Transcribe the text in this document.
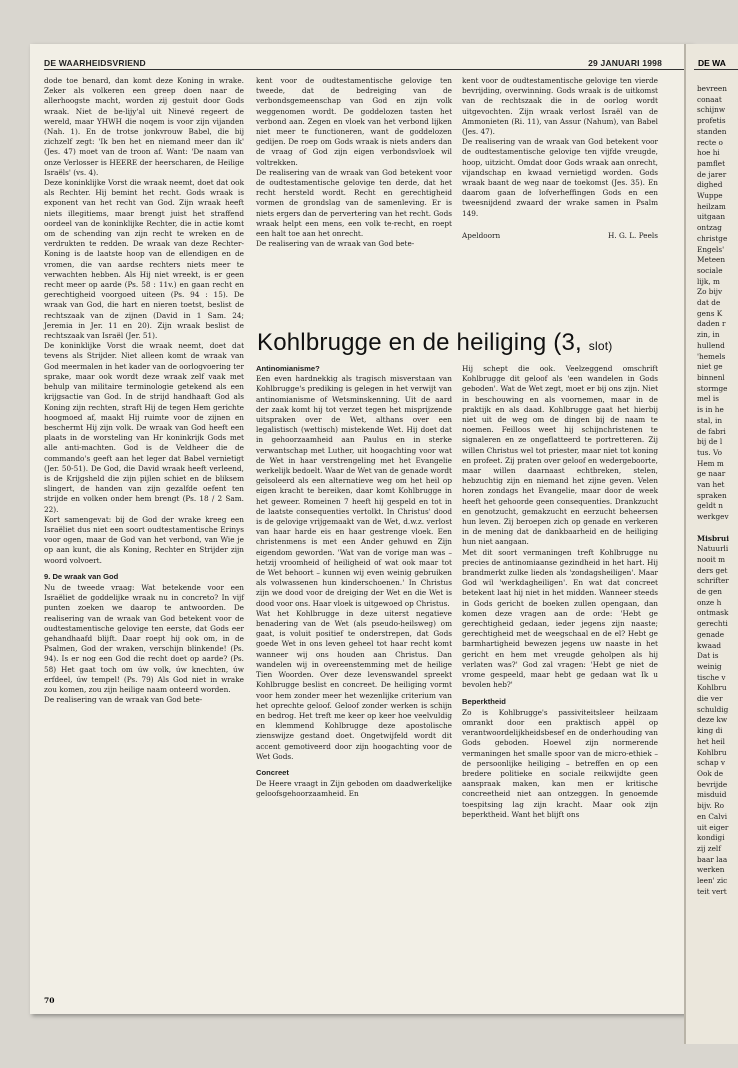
DE WAARHEIDSVRIEND	29 JANUARI 1998

dode toe benard, dan komt deze Koning in wrake. Zeker als volkeren een greep doen naar de allerhoogste macht, worden zij gestuit door Gods wraak. Niet de be-lijy'al uit Ninevé regeert de wereld, maar YHWH die noqem is voor zijn vijanden (Nah. 1). En de trotse jonkvrouw Babel, die bij zichzelf zegt: 'Ik ben het en niemand meer dan ik' (Jes. 47) moet van de troon af. Want: 'De naam van onze Verlosser is HEERE der heerscharen, de Heilige Israëls' (vs. 4).

Deze koninklijke Vorst die wraak neemt, doet dat ook als Rechter. Hij bemint het recht. Gods wraak is exponent van het recht van God. Zijn wraak heeft niets illegitiems, maar brengt juist het straffend oordeel van de koninklijke Rechter, die in actie komt om de schending van zijn recht te wreken en de verdrukten te redden. De wraak van deze Rechter-Koning is de laatste hoop van de ellendigen en de vromen, die van aardse rechters niets meer te verwachten hebben. Als Hij niet wreekt, is er geen recht meer op aarde (Ps. 58 : 11v.) en gaan recht en gerechtigheid voorgoed uiteen (Ps. 94 : 15). De wraak van God, die hart en nieren toetst, beslist de rechtszaak van de zijnen (David in 1 Sam. 24; Jeremia in Jer. 11 en 20). Zijn wraak beslist de rechtszaak van Israël (Jer. 51).

De koninklijke Vorst die wraak neemt, doet dat tevens als Strijder. Niet alleen komt de wraak van God meermalen in het kader van de oorlogvoering ter sprake, maar ook wordt deze wraak zelf vaak met behulp van militaire terminologie getekend als een krijgsactie van God. In de strijd handhaaft God als Koning zijn rechten, straft Hij de tegen Hem gerichte hoogmoed af, maakt Hij ruimte voor de zijnen en beschermt Hij zijn volk. De wraak van God heeft een plaats in de worsteling van Hr koninkrijk Gods met alle anti-machten. God is de Veldheer die de commando's geeft aan het leger dat Babel vernietigt (Jer. 50-51). De God, die David wraak heeft verleend, is de Krijgsheld die zijn pijlen schiet en de bliksem slingert, de handen van zijn gezalfde oefent ten strijde en volken onder hem brengt (Ps. 18 / 2 Sam. 22).

Kort samengevat: bij de God der wrake kreeg een Israëliet dus niet een soort oudtestamentische Erinys voor ogen, maar de God van het verbond, van Wie je op aan kunt, die als Koning, Rechter en Strijder zijn woord volvoert.

9. De wraak van God

Nu de tweede vraag: Wat betekende voor een Israëliet de goddelijke wraak nu in concreto? In vijf punten zoeken we daarop te antwoorden. De realisering van de wraak van God betekent voor de oudtestamentische gelovige ten eerste, dat Gods eer gehandhaafd blijft. Daar roept hij ook om, in de Psalmen, God der wraken, verschijn blinkende! (Ps. 94). Is er nog een God die recht doet op aarde? (Ps. 58) Het gaat toch om úw volk, úw knechten, úw erfdeel, úw tempel! (Ps. 79) Als God niet in wrake zou komen, zou zijn heilige naam onteerd worden.

De realisering van de wraak van God bete-

kent voor de oudtestamentische gelovige ten tweede, dat de bedreiging van de verbondsgemeenschap van God en zijn volk weggenomen wordt. De goddelozen tasten het verbond aan. Zegen en vloek van het verbond lijken niet meer te functioneren, want de goddelozen gedijen. De roep om Gods wraak is niets anders dan de vraag of God zijn eigen verbondsvloek wil voltrekken.

De realisering van de wraak van God betekent voor de oudtestamentische gelovige ten derde, dat het recht hersteld wordt. Recht en gerechtigheid vormen de grondslag van de samenleving. Er is niets ergers dan de pervertering van het recht. Gods wraak helpt een mens, een volk te-recht, en roept een halt toe aan het onrecht.

De realisering van de wraak van God bete-

kent voor de oudtestamentische gelovige ten vierde bevrijding, overwinning. Gods wraak is de uitkomst van de rechtszaak die in de oorlog wordt uitgevochten. Zijn wraak verlost Israël van de Ammonieten (Ri. 11), van Assur (Nahum), van Babel (Jes. 47).

De realisering van de wraak van God betekent voor de oudtestamentische gelovige ten vijfde vreugde, hoop, uitzicht. Omdat door Gods wraak aan onrecht, vijandschap en kwaad vernietigd worden. Gods wraak baant de weg naar de toekomst (Jes. 35). En daarom gaan de lofverheffingen Gods en een tweesnijdend zwaard der wrake samen in Psalm 149.

Apeldoorn	H. G. L. Peels
Kohlbrugge en de heiliging (3, slot)

Antinomianisme?

Een even hardnekkig als tragisch misverstaan van Kohlbrugge's prediking is gelegen in het verwijt van antinomianisme of Wetsminskenning. Uit de aard der zaak komt hij tot verzet tegen het misprijzende uitspraken over de Wet, althans over een legalistisch (wettisch) mistekende Wet. Hij doet dat in gehoorzaamheid aan Paulus en in sterke verwantschap met Luther, uit hoogachting voor wat de Wet in haar verstrengeling met het Evangelie werkelijk bedoelt. Waar de Wet van de genade wordt geïsoleerd als een alternatieve weg om het heil op eigen kracht te bereiken, daar komt Kohlbrugge in het geweer. Romeinen 7 heeft hij gespeld en tot in de laatste consequenties vertolkt. In Christus' dood is de gelovige vrijgemaakt van de Wet, d.w.z. verlost van haar harde eis en haar gestrenge vloek. Een christenmens is met een Ander gehuwd en Zijn eigendom geworden. 'Wat van de vorige man was – hetzij vroomheid of heiligheid of wat ook maar tot de Wet behoort – kunnen wij even weinig gebruiken als volwassenen hun kinderschoenen.' In Christus zijn we dood voor de dreiging der Wet en die Wet is dood voor ons. Haar vloek is uitgewoed op Christus.

Wat het Kohlbrugge in deze uiterst negatieve benadering van de Wet (als pseudo-heilsweg) om gaat, is voluit positief te onderstrepen, dat Gods goede Wet in ons leven geheel tot haar recht komt wanneer wij ons houden aan Christus. Dan wandelen wij in overeenstemming met de heilige Tien Woorden. Over deze levenswandel spreekt Kohlbrugge beslist en concreet. De heiliging vormt voor hem zonder meer het wezenlijke criterium van het oprechte geloof. Geloof zonder werken is schijn en bedrog. Het treft me keer op keer hoe veelvuldig en klemmend Kohlbrugge deze apostolische zienswijze gestand doet. Ongetwijfeld wordt dit accent gemotiveerd door zijn hoogachting voor de Wet Gods.

Concreet

De Heere vraagt in Zijn geboden om daadwerkelijke geloofsgehoorzaamheid. En

Hij schept die ook. Veelzeggend omschrift Kohlbrugge dit geloof als 'een wandelen in Gods geboden'. Wat de Wet zegt, moet er bij ons zijn. Niet in beschouwing en als voornemen, maar in de praktijk en als daad. Kohlbrugge gaat het hierbij niet uit de weg om de dingen bij de naam te noemen. Feilloos weet hij schijnchristenen te signaleren en ze ongeflatteerd te portretteren. Zij willen Christus wel tot priester, maar niet tot koning en profeet. Zij praten over geloof en wedergeboorte, maar willen daarnaast echtbreken, stelen, hebzuchtig zijn en niemand het zijne geven. Velen horen zondags het Evangelie, maar door de week heeft het gehoorde geen consequenties. Drankzucht en genotzucht, gemakzucht en eerzucht beheersen hun leven. Zij beroepen zich op genade en verkeren in de mening dat de dankbaarheid en de heiliging hun niet aangaan.

Met dit soort vermaningen treft Kohlbrugge nu precies de antinomiaanse gezindheid in het hart. Hij brandmerkt zulke lieden als 'zondagsheiligen'. Maar God wil 'werkdagheiligen'. En wat dat concreet betekent laat hij niet in het midden. Wanneer steeds in Gods gericht de boeken zullen opengaan, dan komen deze vragen aan de orde: 'Hebt ge gerechtigheid gedaan, ieder jegens zijn naaste; gerechtigheid met de weegschaal en de el? Hebt ge barmhartigheid bewezen jegens uw naaste in het gericht en hem met vreugde geholpen als hij verlaten was?' God zal vragen: 'Hebt ge niet de vrome gespeeld, maar hebt ge gedaan wat Ik u bevolen heb?'

Beperktheid

Zo is Kohlbrugge's passiviteitsleer heilzaam omrankt door een praktisch appèl op verantwoordelijkheidsbesef en de onderhouding van Gods geboden. Hoewel zijn normerende vermaningen het smalle spoor van de micro-ethiek – de persoonlijke heiliging – betreffen en op een bredere politieke en sociale reikwijdte geen aanspraak maken, kan men er kritische concreetheid niet aan ontzeggen. In genoemde toespitsing lag zijn kracht. Maar ook zijn beperktheid. Want het blijft ons

70
DE WA
bevreen
conaat
schijnw
profetis
standen
recte o
hoe hi
pamflet
de jarer
dighed
Wuppe
heilzam
uitgaan
ontzag
christge
Engels'
Meteen
sociale
lijk, m
Zo bijv
dat de
gens K
daden r
zin, in
hullend
'hemels
niet ge
binnenl
stormge
mel is
is in he
stal, in
de fabri
bij de l
tus. Vo
Hem m
ge naar
van het
spraken
geldt n
werkgev

Misbrui
Natuurli
nooit m
ders get
schrifter
de gen
onze h
ontmask
gerechti
genade
kwaad
Dat is
weinig
tische v
Kohlbru
die ver
schuldig
deze kw
king di
het heil
Kohlbru
schap v
Ook de
bevrijde
misduid
bijv. Ro
en Calvi
uit eiger
kondigi
zij zelf
baar laa
werken
leen' zic
teit vert
